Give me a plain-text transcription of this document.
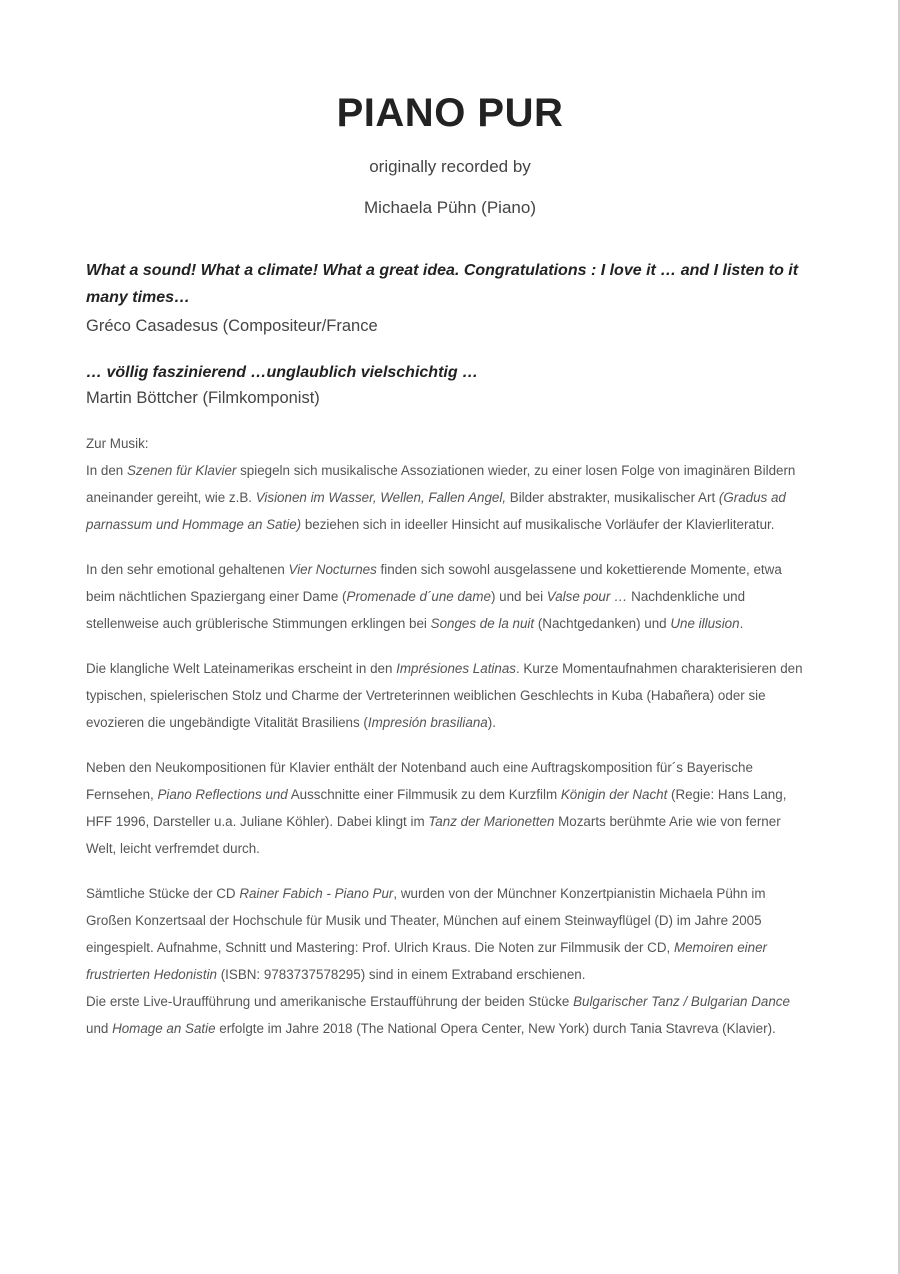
PIANO PUR
originally recorded by
Michaela Pühn (Piano)
What a sound! What a climate! What a great idea. Congratulations : I love it … and I listen to it many times…
Gréco Casadesus (Compositeur/France
… völlig faszinierend …unglaublich vielschichtig …
Martin Böttcher (Filmkomponist)

Zur Musik:

In den Szenen für Klavier spiegeln sich musikalische Assoziationen wieder, zu einer losen Folge von imaginären Bildern aneinander gereiht, wie z.B. Visionen im Wasser, Wellen, Fallen Angel, Bilder abstrakter, musikalischer Art (Gradus ad parnassum und Hommage an Satie) beziehen sich in ideeller Hinsicht auf musikalische Vorläufer der Klavierliteratur.

In den sehr emotional gehaltenen Vier Nocturnes finden sich sowohl ausgelassene und kokettierende Momente, etwa beim nächtlichen Spaziergang einer Dame (Promenade d´une dame) und bei Valse pour … Nachdenkliche und stellenweise auch grüblerische Stimmungen erklingen bei Songes de la nuit (Nachtgedanken) und Une illusion.

Die klangliche Welt Lateinamerikas erscheint in den Imprésiones Latinas. Kurze Momentaufnahmen charakterisieren den typischen, spielerischen Stolz und Charme der Vertreterinnen weiblichen Geschlechts in Kuba (Habañera) oder sie evozieren die ungebändigte Vitalität Brasiliens (Impresión brasiliana).

Neben den Neukompositionen für Klavier enthält der Notenband auch eine Auftragskomposition für´s Bayerische Fernsehen, Piano Reflections und Ausschnitte einer Filmmusik zu dem Kurzfilm Königin der Nacht (Regie: Hans Lang, HFF 1996, Darsteller u.a. Juliane Köhler). Dabei klingt im Tanz der Marionetten Mozarts berühmte Arie wie von ferner Welt, leicht verfremdet durch.

Sämtliche Stücke der CD Rainer Fabich - Piano Pur, wurden von der Münchner Konzertpianistin Michaela Pühn im Großen Konzertsaal der Hochschule für Musik und Theater, München auf einem Steinwayflügel (D) im Jahre 2005 eingespielt. Aufnahme, Schnitt und Mastering: Prof. Ulrich Kraus. Die Noten zur Filmmusik der CD, Memoiren einer frustrierten Hedonistin (ISBN: 9783737578295) sind in einem Extraband erschienen.

Die erste Live-Uraufführung und amerikanische Erstaufführung der beiden Stücke Bulgarischer Tanz / Bulgarian Dance und Homage an Satie erfolgte im Jahre 2018 (The National Opera Center, New York) durch Tania Stavreva (Klavier).
